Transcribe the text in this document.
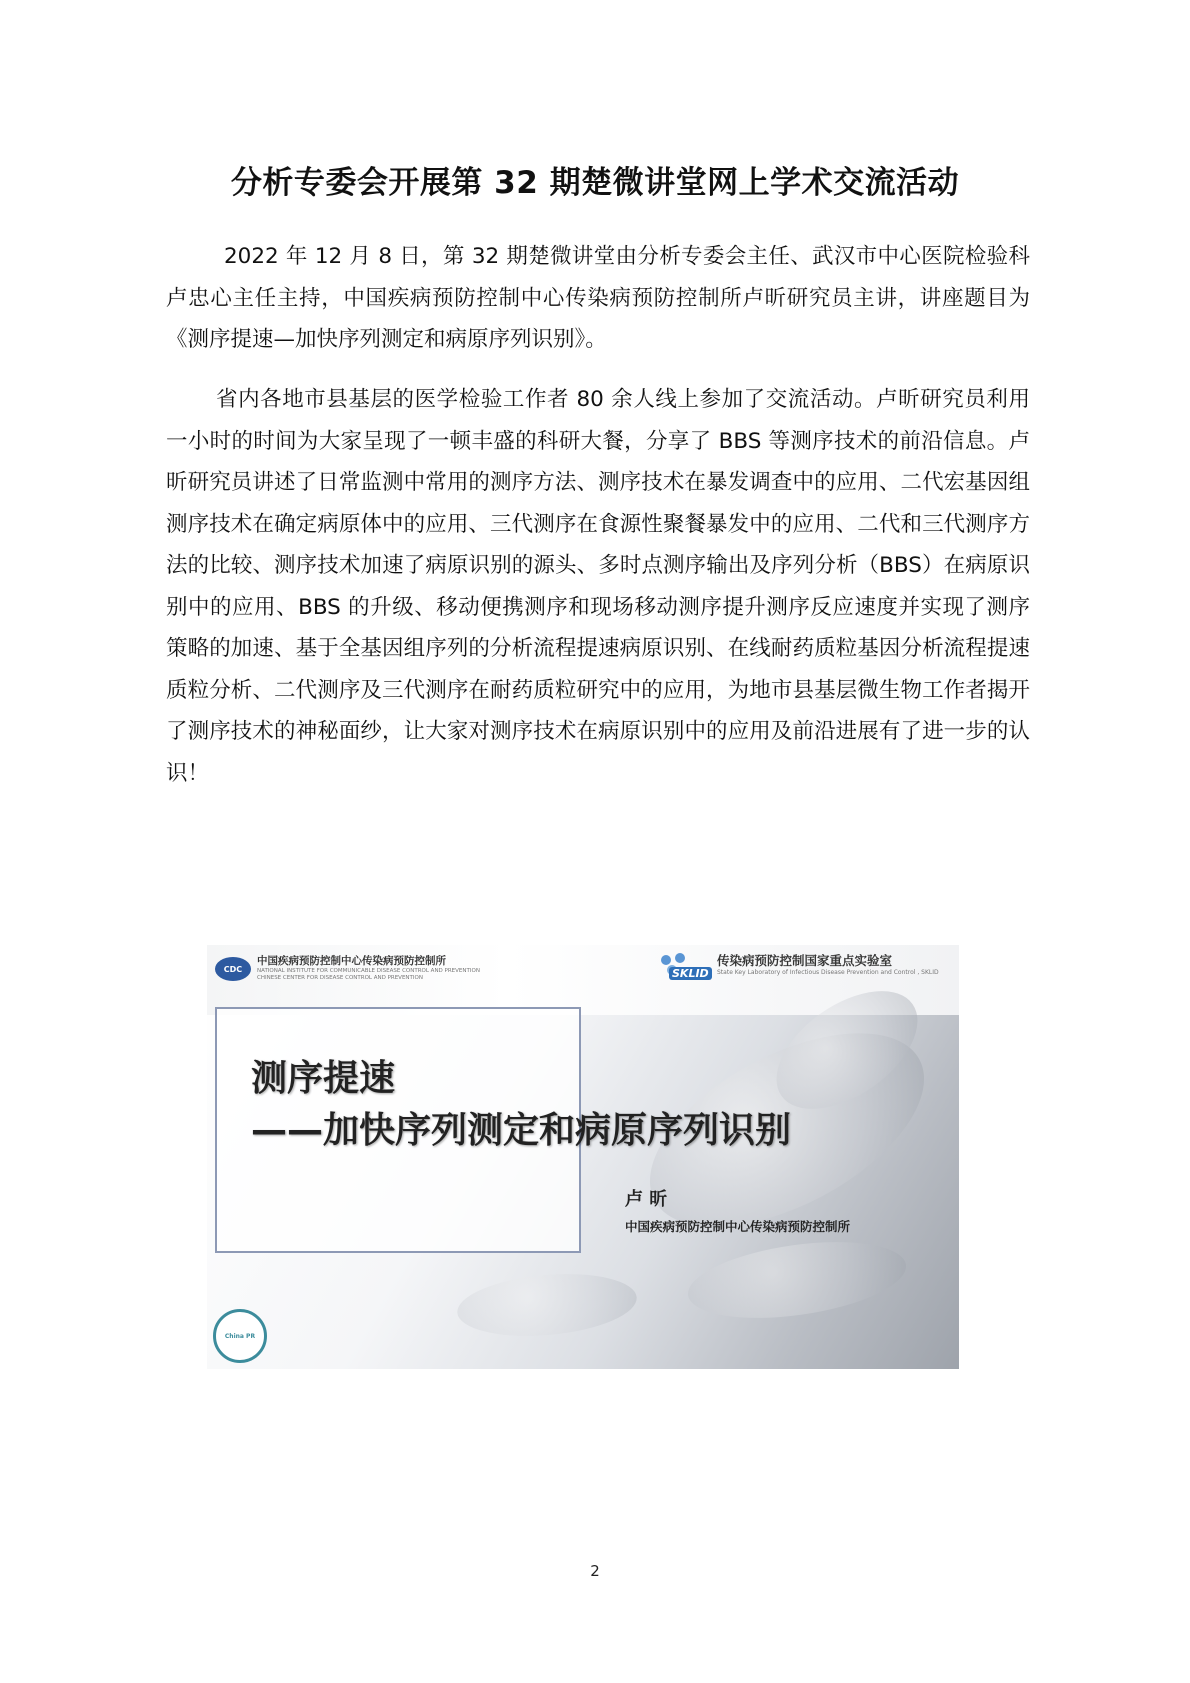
分析专委会开展第 32 期楚微讲堂网上学术交流活动
2022 年 12 月 8 日，第 32 期楚微讲堂由分析专委会主任、武汉市中心医院检验科卢忠心主任主持，中国疾病预防控制中心传染病预防控制所卢昕研究员主讲，讲座题目为《测序提速—加快序列测定和病原序列识别》。
省内各地市县基层的医学检验工作者 80 余人线上参加了交流活动。卢昕研究员利用一小时的时间为大家呈现了一顿丰盛的科研大餐，分享了 BBS 等测序技术的前沿信息。卢昕研究员讲述了日常监测中常用的测序方法、测序技术在暴发调查中的应用、二代宏基因组测序技术在确定病原体中的应用、三代测序在食源性聚餐暴发中的应用、二代和三代测序方法的比较、测序技术加速了病原识别的源头、多时点测序输出及序列分析（BBS）在病原识别中的应用、BBS 的升级、移动便携测序和现场移动测序提升测序反应速度并实现了测序策略的加速、基于全基因组序列的分析流程提速病原识别、在线耐药质粒基因分析流程提速质粒分析、二代测序及三代测序在耐药质粒研究中的应用，为地市县基层微生物工作者揭开了测序技术的神秘面纱，让大家对测序技术在病原识别中的应用及前沿进展有了进一步的认识！
CDC
中国疾病预防控制中心传染病预防控制所
NATIONAL INSTITUTE FOR COMMUNICABLE DISEASE CONTROL AND PREVENTION
CHINESE CENTER FOR DISEASE CONTROL AND PREVENTION	SKLID
传染病预防控制国家重点实验室
State Key Laboratory of Infectious Disease Prevention and Control , SKLID
测序提速
——加快序列测定和病原序列识别
卢 昕
中国疾病预防控制中心传染病预防控制所
China PR
2
